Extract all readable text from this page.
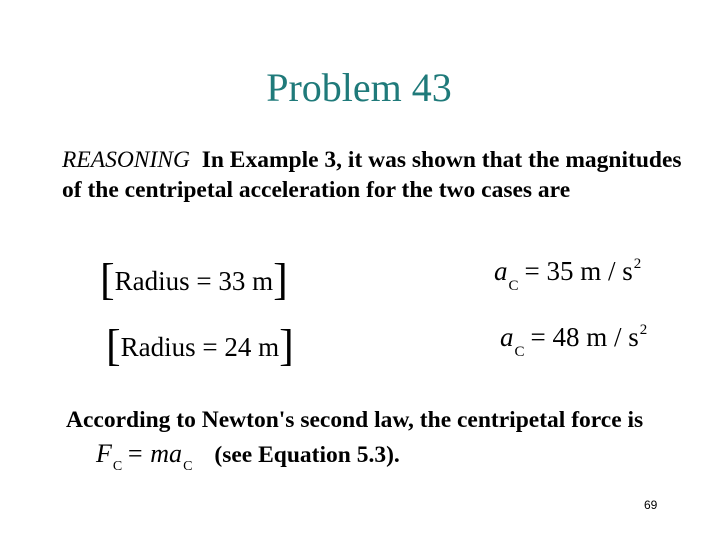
Problem 43
REASONING In Example 3, it was shown that the magnitudes of the centripetal acceleration for the two cases are
[Radius = 33 m]	$a_C = 35$ m / $s^2$
[Radius = 24 m]	$a_C = 48$ m / $s^2$
According to Newton's second law, the centripetal force $isF_C = ma_C$ (see Equation 5.3).
69
